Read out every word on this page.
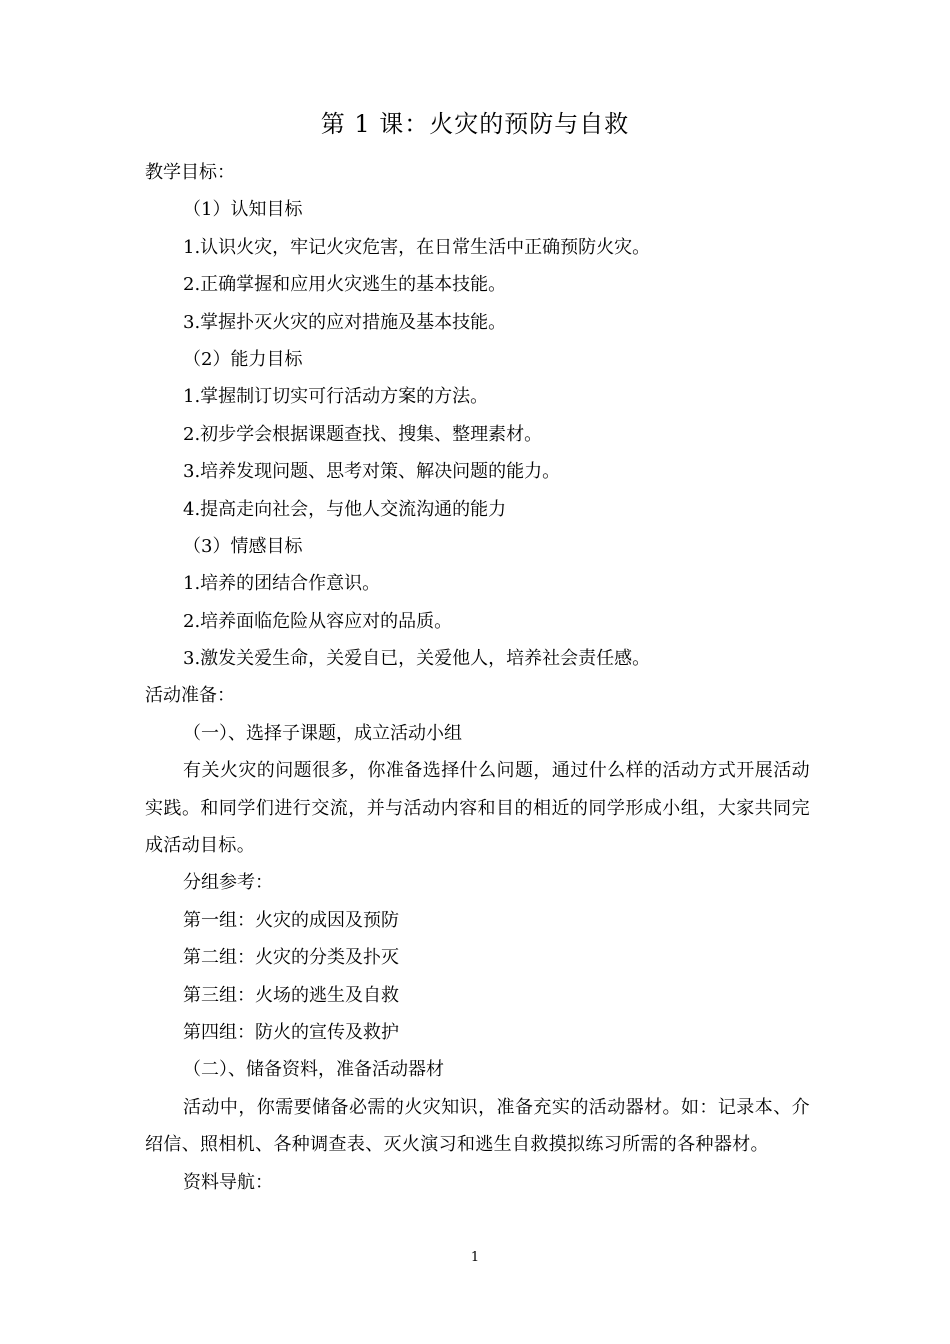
第 1 课：火灾的预防与自救
教学目标：
（1）认知目标
1.认识火灾，牢记火灾危害，在日常生活中正确预防火灾。
2.正确掌握和应用火灾逃生的基本技能。
3.掌握扑灭火灾的应对措施及基本技能。
（2）能力目标
1.掌握制订切实可行活动方案的方法。
2.初步学会根据课题查找、搜集、整理素材。
3.培养发现问题、思考对策、解决问题的能力。
4.提高走向社会，与他人交流沟通的能力
（3）情感目标
1.培养的团结合作意识。
2.培养面临危险从容应对的品质。
3.激发关爱生命，关爱自已，关爱他人，培养社会责任感。
活动准备：
（一）、选择子课题，成立活动小组
有关火灾的问题很多，你准备选择什么问题，通过什么样的活动方式开展活动实践。和同学们进行交流，并与活动内容和目的相近的同学形成小组，大家共同完成活动目标。
分组参考：
第一组：火灾的成因及预防
第二组：火灾的分类及扑灭
第三组：火场的逃生及自救
第四组：防火的宣传及救护
（二）、储备资料，准备活动器材
活动中，你需要储备必需的火灾知识，准备充实的活动器材。如：记录本、介绍信、照相机、各种调查表、灭火演习和逃生自救摸拟练习所需的各种器材。
资料导航：
1
